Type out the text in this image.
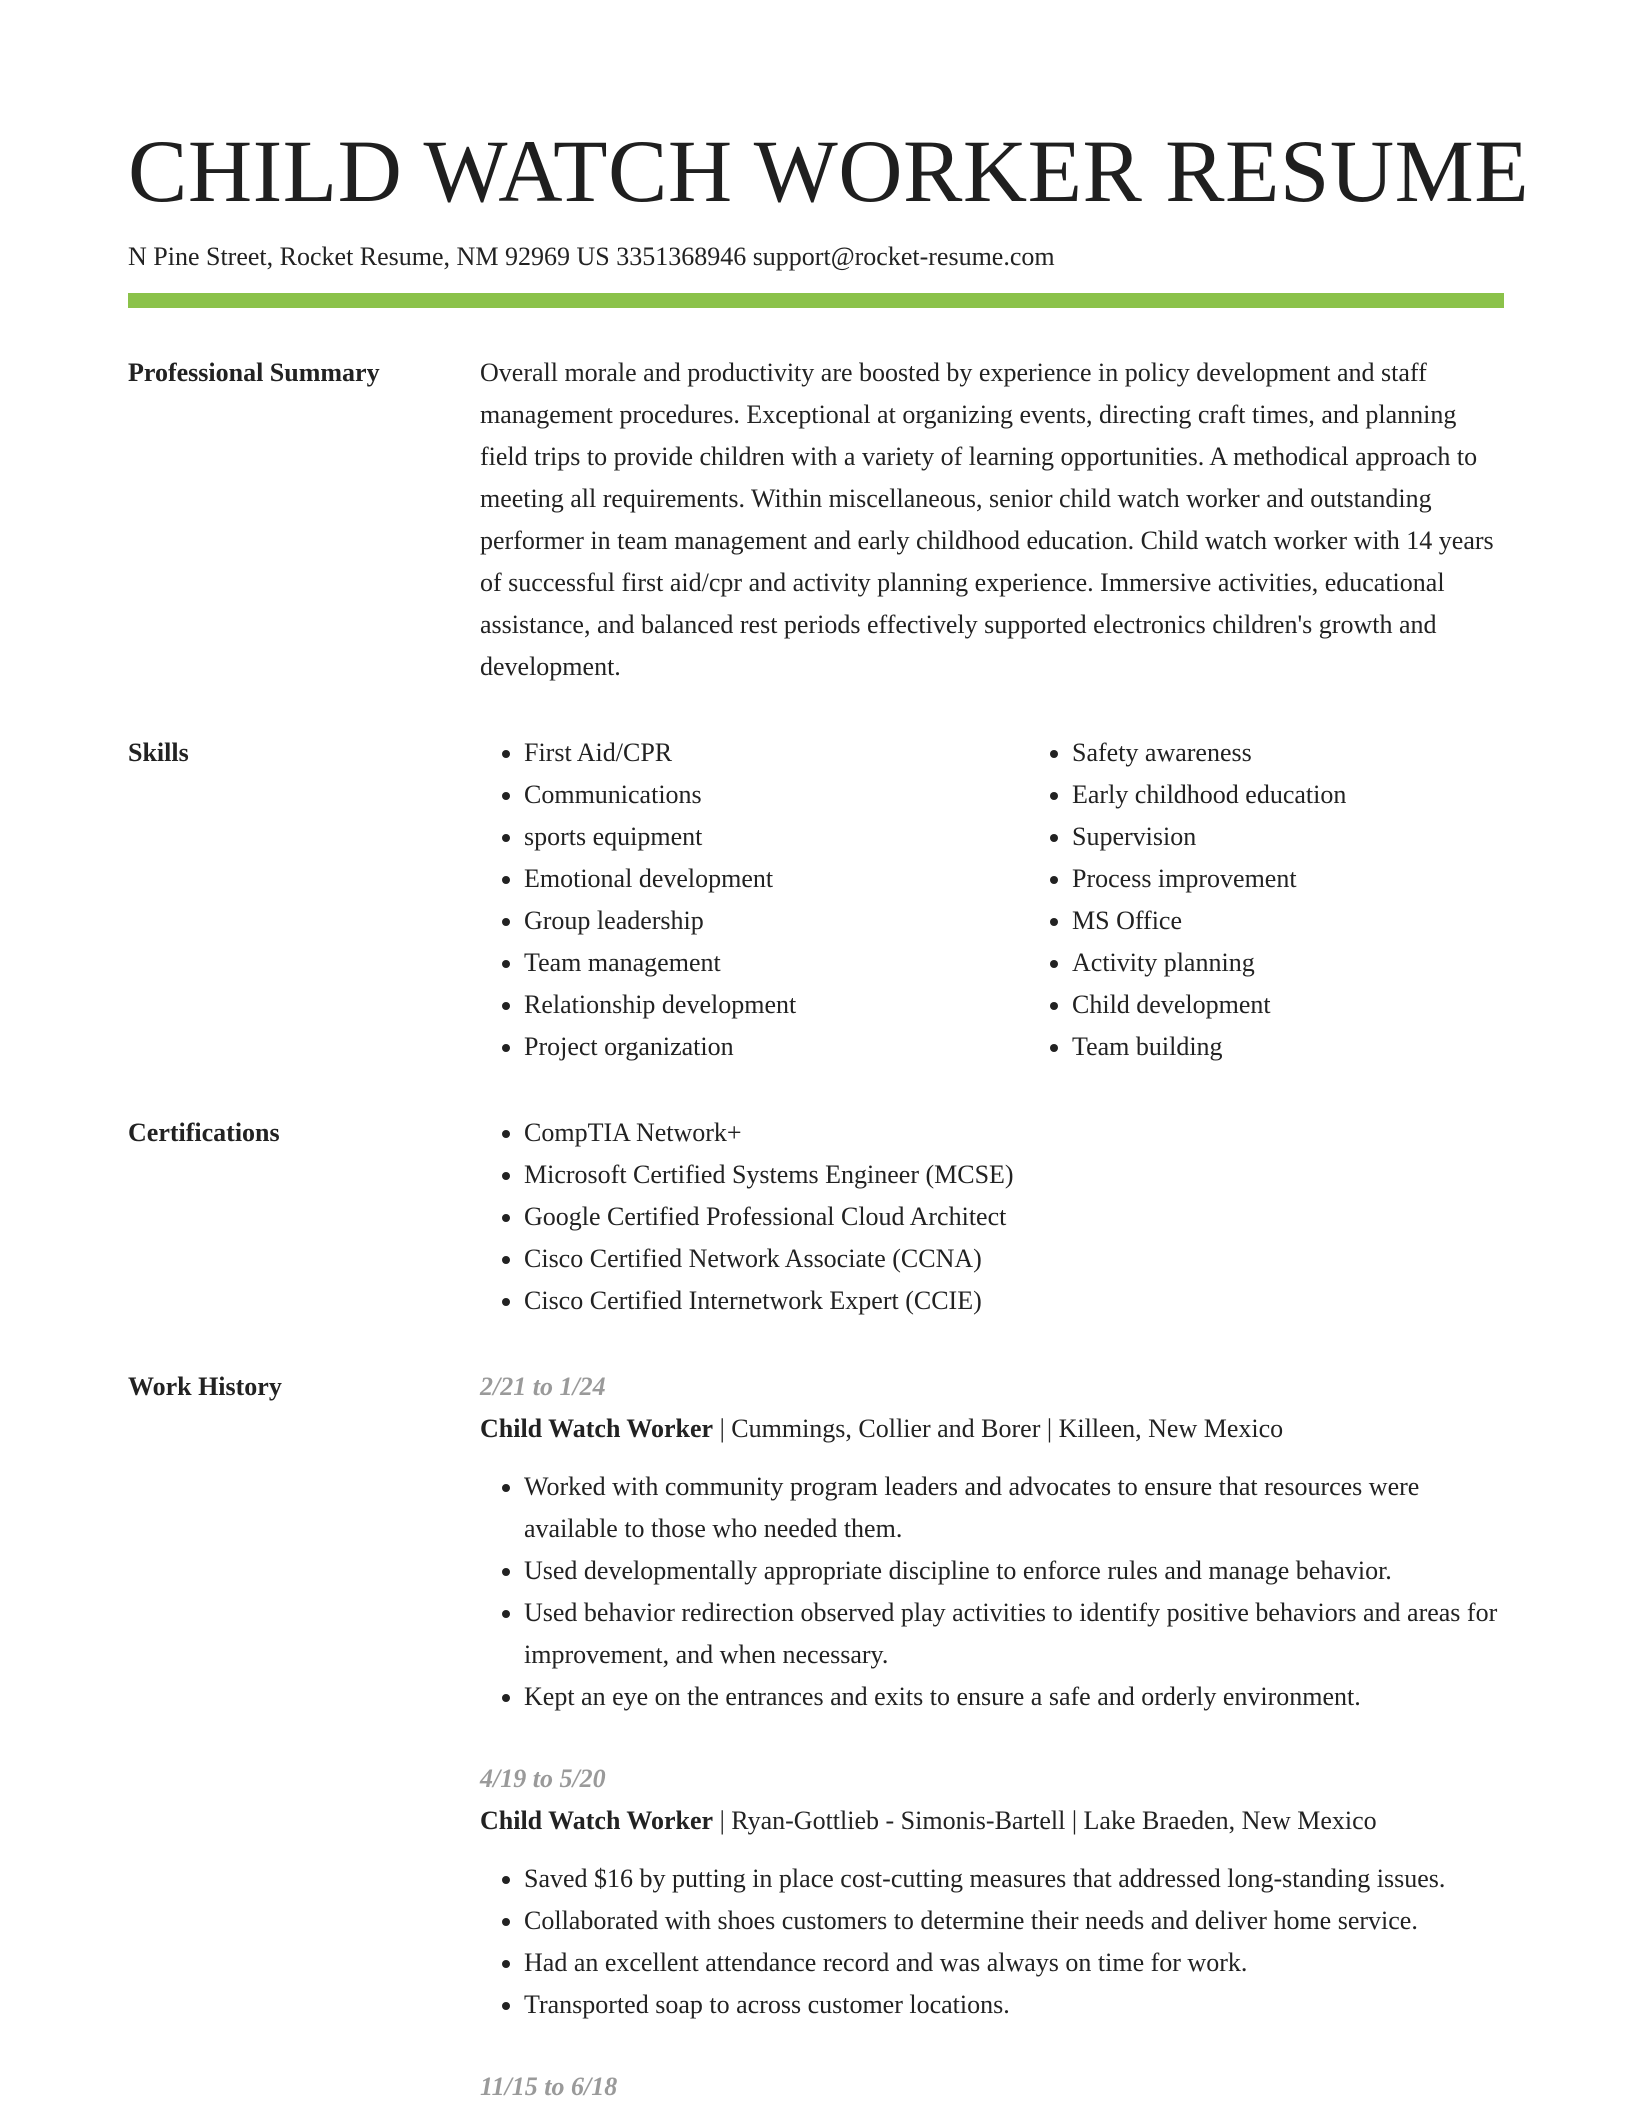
CHILD WATCH WORKER RESUME
N Pine Street, Rocket Resume, NM 92969 US 3351368946 support@rocket-resume.com
Professional Summary	Overall morale and productivity are boosted by experience in policy development and staff management procedures. Exceptional at organizing events, directing craft times, and planning field trips to provide children with a variety of learning opportunities. A methodical approach to meeting all requirements. Within miscellaneous, senior child watch worker and outstanding performer in team management and early childhood education. Child watch worker with 14 years of successful first aid/cpr and activity planning experience. Immersive activities, educational assistance, and balanced rest periods effectively supported electronics children's growth and development.

Skills	• First Aid/CPR
• Communications
• sports equipment
• Emotional development
• Group leadership
• Team management
• Relationship development
• Project organization
• Safety awareness
• Early childhood education
• Supervision
• Process improvement
• MS Office
• Activity planning
• Child development
• Team building
Certifications	• CompTIA Network+
• Microsoft Certified Systems Engineer (MCSE)
• Google Certified Professional Cloud Architect
• Cisco Certified Network Associate (CCNA)
• Cisco Certified Internetwork Expert (CCIE)
Work History	2/21 to 1/24
Child Watch Worker | Cummings, Collier and Borer | Killeen, New Mexico
• Worked with community program leaders and advocates to ensure that resources were available to those who needed them.
• Used developmentally appropriate discipline to enforce rules and manage behavior.
• Used behavior redirection observed play activities to identify positive behaviors and areas for improvement, and when necessary.
• Kept an eye on the entrances and exits to ensure a safe and orderly environment.
4/19 to 5/20
Child Watch Worker | Ryan-Gottlieb - Simonis-Bartell | Lake Braeden, New Mexico
• Saved $16 by putting in place cost-cutting measures that addressed long-standing issues.
• Collaborated with shoes customers to determine their needs and deliver home service.
• Had an excellent attendance record and was always on time for work.
• Transported soap to across customer locations.
11/15 to 6/18
